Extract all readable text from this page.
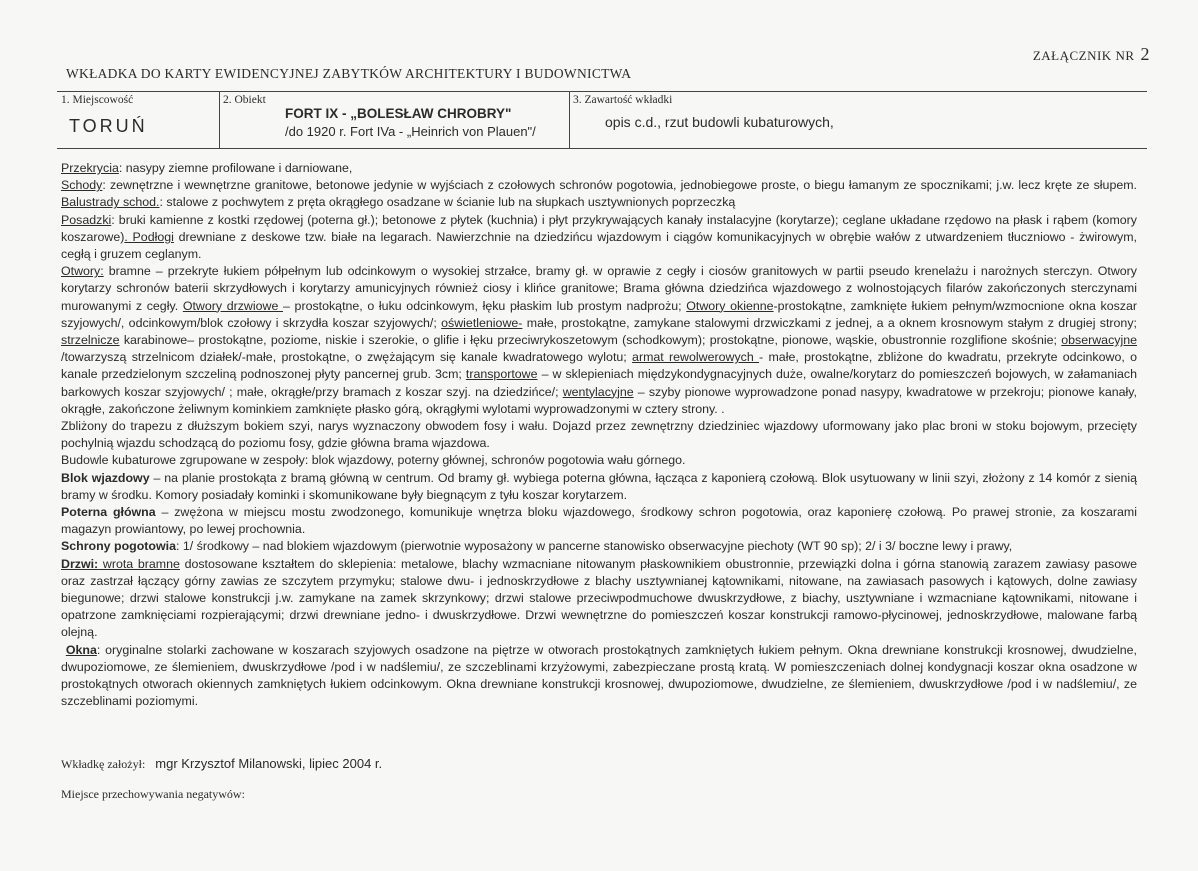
ZAŁĄCZNIK NR 2
WKŁADKA DO KARTY EWIDENCYJNEJ ZABYTKÓW ARCHITEKTURY I BUDOWNICTWA
1. Miejscowość
TORUŃ
2. Obiekt
FORT IX - „BOLESŁAW CHROBRY"
/do 1920 r. Fort IVa - „Heinrich von Plauen"/
3. Zawartość wkładki
opis c.d., rzut budowli kubaturowych,

Przekrycia: nasypy ziemne profilowane i darniowane,

Schody: zewnętrzne i wewnętrzne granitowe, betonowe jedynie w wyjściach z czołowych schronów pogotowia, jednobiegowe proste, o biegu łamanym ze spocznikami; j.w. lecz kręte ze słupem. Balustrady schod.: stalowe z pochwytem z pręta okrągłego osadzane w ścianie lub na słupkach usztywnionych poprzeczką

Posadzki: bruki kamienne z kostki rzędowej (poterna gł.); betonowe z płytek (kuchnia) i płyt przykrywających kanały instalacyjne (korytarze); ceglane układane rzędowo na płask i rąbem (komory koszarowe). Podłogi drewniane z deskowe tzw. białe na legarach. Nawierzchnie na dziedzińcu wjazdowym i ciągów komunikacyjnych w obrębie wałów z utwardzeniem tłuczniowo - żwirowym, cegłą i gruzem ceglanym.

Otwory: bramne – przekryte łukiem półpełnym lub odcinkowym o wysokiej strzałce, bramy gł. w oprawie z cegły i ciosów granitowych w partii pseudo krenelażu i narożnych sterczyn. Otwory korytarzy schronów baterii skrzydłowych i korytarzy amunicyjnych również ciosy i klińce granitowe; Brama główna dziedzińca wjazdowego z wolnostojących filarów zakończonych sterczynami murowanymi z cegły. Otwory drzwiowe – prostokątne, o łuku odcinkowym, łęku płaskim lub prostym nadprożu; Otwory okienne-prostokątne, zamknięte łukiem pełnym/wzmocnione okna koszar szyjowych/, odcinkowym/blok czołowy i skrzydła koszar szyjowych/; oświetleniowe- małe, prostokątne, zamykane stalowymi drzwiczkami z jednej, a a oknem krosnowym stałym z drugiej strony; strzelnicze karabinowe– prostokątne, poziome, niskie i szerokie, o glifie i łęku przeciwrykoszetowym (schodkowym); prostokątne, pionowe, wąskie, obustronnie rozglifione skośnie; obserwacyjne /towarzyszą strzelnicom działek/-małe, prostokątne, o zwężającym się kanale kwadratowego wylotu; armat rewolwerowych - małe, prostokątne, zbliżone do kwadratu, przekryte odcinkowo, o kanale przedzielonym szczeliną podnoszonej płyty pancernej grub. 3cm; transportowe – w sklepieniach międzykondygnacyjnych duże, owalne/korytarz do pomieszczeń bojowych, w załamaniach barkowych koszar szyjowych/ ; małe, okrągłe/przy bramach z koszar szyj. na dziedzińce/; wentylacyjne – szyby pionowe wyprowadzone ponad nasypy, kwadratowe w przekroju; pionowe kanały, okrągłe, zakończone żeliwnym kominkiem zamknięte płasko górą, okrągłymi wylotami wyprowadzonymi w cztery strony. .

Zbliżony do trapezu z dłuższym bokiem szyi, narys wyznaczony obwodem fosy i wału. Dojazd przez zewnętrzny dziedziniec wjazdowy uformowany jako plac broni w stoku bojowym, przecięty pochylnią wjazdu schodzącą do poziomu fosy, gdzie główna brama wjazdowa.

Budowle kubaturowe zgrupowane w zespoły: blok wjazdowy, poterny głównej, schronów pogotowia wału górnego.

Blok wjazdowy – na planie prostokąta z bramą główną w centrum. Od bramy gł. wybiega poterna główna, łącząca z kaponierą czołową. Blok usytuowany w linii szyi, złożony z 14 komór z sienią bramy w środku. Komory posiadały kominki i skomunikowane były biegnącym z tyłu koszar korytarzem.

Poterna główna – zwężona w miejscu mostu zwodzonego, komunikuje wnętrza bloku wjazdowego, środkowy schron pogotowia, oraz kaponierę czołową. Po prawej stronie, za koszarami magazyn prowiantowy, po lewej prochownia.

Schrony pogotowia: 1/ środkowy – nad blokiem wjazdowym (pierwotnie wyposażony w pancerne stanowisko obserwacyjne piechoty (WT 90 sp); 2/ i 3/ boczne lewy i prawy,

Drzwi: wrota bramne dostosowane kształtem do sklepienia: metalowe, blachy wzmacniane nitowanym płaskownikiem obustronnie, przewiązki dolna i górna stanowią zarazem zawiasy pasowe oraz zastrzał łączący górny zawias ze szczytem przymyku; stalowe dwu- i jednoskrzydłowe z blachy usztywnianej kątownikami, nitowane, na zawiasach pasowych i kątowych, dolne zawiasy biegunowe; drzwi stalowe konstrukcji j.w. zamykane na zamek skrzynkowy; drzwi stalowe przeciwpodmuchowe dwuskrzydłowe, z biachy, usztywniane i wzmacniane kątownikami, nitowane i opatrzone zamknięciami rozpierającymi; drzwi drewniane jedno- i dwuskrzydłowe. Drzwi wewnętrzne do pomieszczeń koszar konstrukcji ramowo-płycinowej, jednoskrzydłowe, malowane farbą olejną.

Okna: oryginalne stolarki zachowane w koszarach szyjowych osadzone na piętrze w otworach prostokątnych zamkniętych łukiem pełnym. Okna drewniane konstrukcji krosnowej, dwudzielne, dwupoziomowe, ze ślemieniem, dwuskrzydłowe /pod i w nadślemiu/, ze szczeblinami krzyżowymi, zabezpieczane prostą kratą. W pomieszczeniach dolnej kondygnacji koszar okna osadzone w prostokątnych otworach okiennych zamkniętych łukiem odcinkowym. Okna drewniane konstrukcji krosnowej, dwupoziomowe, dwudzielne, ze ślemieniem, dwuskrzydłowe /pod i w nadślemiu/, ze szczeblinami poziomymi.

Wkładkę założył: mgr Krzysztof Milanowski, lipiec 2004 r.
Miejsce przechowywania negatywów:
